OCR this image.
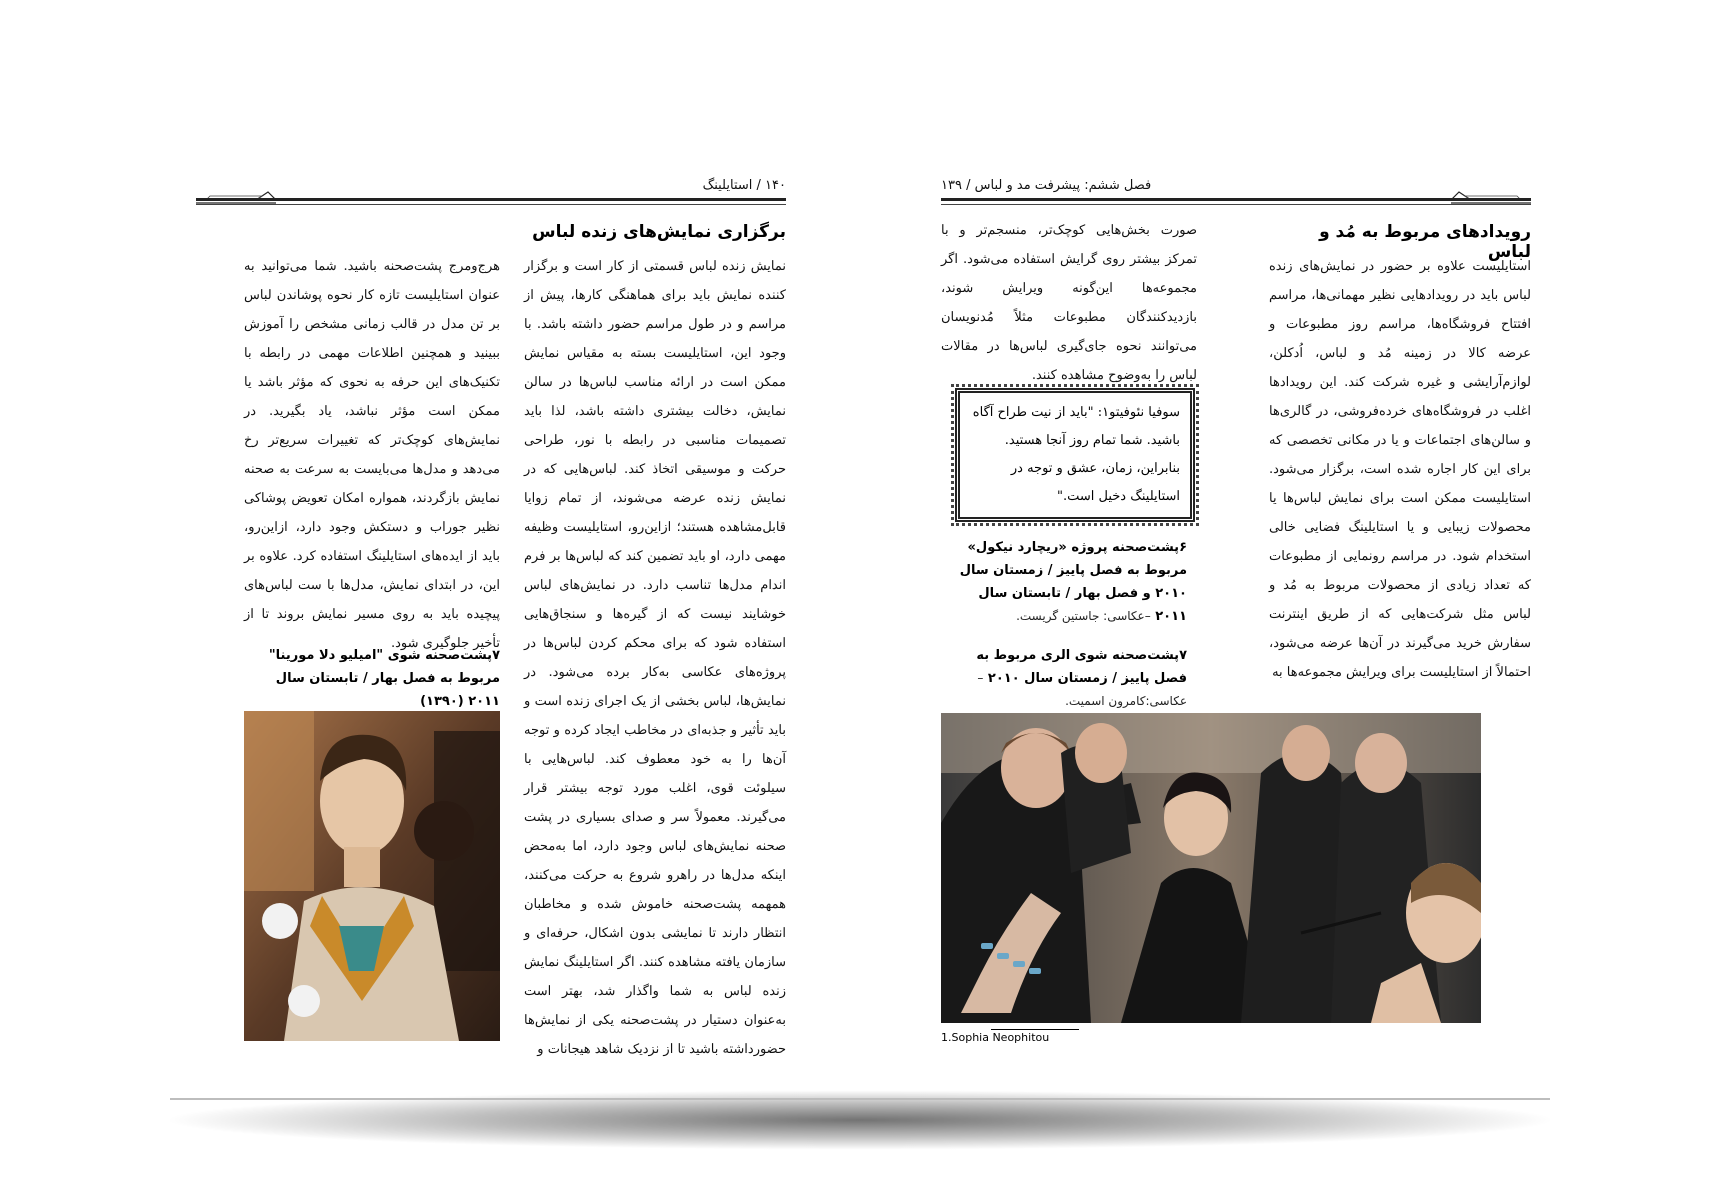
۱۴۰ / استایلینگ
برگزاری نمایش‌های زنده لباس
نمایش زنده لباس قسمتی از کار است و برگزار کننده نمایش باید برای هماهنگی کارها، پیش از مراسم و در طول مراسم حضور داشته باشد. با وجود این، استایلیست بسته به مقیاس نمایش ممکن است در ارائه مناسب لباس‌ها در سالن نمایش، دخالت بیشتری داشته باشد، لذا باید تصمیمات مناسبی در رابطه با نور، طراحی حرکت و موسیقی اتخاذ کند. لباس‌هایی که در نمایش زنده عرضه می‌شوند، از تمام زوایا قابل‌مشاهده هستند؛ ازاین‌رو، استایلیست وظیفه مهمی دارد، او باید تضمین کند که لباس‌ها بر فرم اندام مدل‌ها تناسب دارد. در نمایش‌های لباس خوشایند نیست که از گیره‌ها و سنجاق‌هایی استفاده شود که برای محکم کردن لباس‌ها در پروژه‌های عکاسی به‌کار برده می‌شود. در نمایش‌ها، لباس بخشی از یک اجرای زنده است و باید تأثیر و جذبه‌ای در مخاطب ایجاد کرده و توجه آن‌ها را به خود معطوف کند. لباس‌هایی با سیلوئت قوی، اغلب مورد توجه بیشتر قرار می‌گیرند. معمولاً سر و صدای بسیاری در پشت صحنه نمایش‌های لباس وجود دارد، اما به‌محض اینکه مدل‌ها در راهرو شروع به حرکت می‌کنند، همهمه پشت‌صحنه خاموش شده و مخاطبان انتظار دارند تا نمایشی بدون اشکال، حرفه‌ای و سازمان یافته مشاهده کنند. اگر استایلینگ نمایش زنده لباس به شما واگذار شد، بهتر است به‌عنوان دستیار در پشت‌صحنه یکی از نمایش‌ها حضورداشته باشید تا از نزدیک شاهد هیجانات و
هرج‌ومرج پشت‌صحنه باشید. شما می‌توانید به عنوان استایلیست تازه کار نحوه پوشاندن لباس بر تن مدل در قالب زمانی مشخص را آموزش ببینید و همچنین اطلاعات مهمی در رابطه با تکنیک‌های این حرفه به نحوی که مؤثر باشد یا ممکن است مؤثر نباشد، یاد بگیرید. در نمایش‌های کوچک‌تر که تغییرات سریع‌تر رخ می‌دهد و مدل‌ها می‌بایست به سرعت به صحنه نمایش بازگردند، همواره امکان تعویض پوشاکی نظیر جوراب و دستکش وجود دارد، ازاین‌رو، باید از ایده‌های استایلینگ استفاده کرد. علاوه بر این، در ابتدای نمایش، مدل‌ها با ست لباس‌های پیچیده باید به روی مسیر نمایش بروند تا از تأخیر جلوگیری شود.
۷پشت‌صحنه شوی "امیلیو دلا مورینا" مربوط به فصل بهار / تابستان سال ۲۰۱۱ (۱۳۹۰)
فصل ششم: پیشرفت مد و لباس / ۱۳۹
رویدادهای مربوط به مُد و لباس
استایلیست علاوه بر حضور در نمایش‌های زنده لباس باید در رویدادهایی نظیر مهمانی‌ها، مراسم افتتاح فروشگاه‌ها، مراسم روز مطبوعات و عرضه کالا در زمینه مُد و لباس، اُدکلن، لوازم‌آرایشی و غیره شرکت کند. این رویدادها اغلب در فروشگاه‌های خرده‌فروشی، در گالری‌ها و سالن‌های اجتماعات و یا در مکانی تخصصی که برای این کار اجاره شده است، برگزار می‌شود. استایلیست ممکن است برای نمایش لباس‌ها یا محصولات زیبایی و یا استایلینگ فضایی خالی استخدام شود. در مراسم رونمایی از مطبوعات که تعداد زیادی از محصولات مربوط به مُد و لباس مثل شرکت‌هایی که از طریق اینترنت سفارش خرید می‌گیرند در آن‌ها عرضه می‌شود، احتمالاً از استایلیست برای ویرایش مجموعه‌ها به
صورت بخش‌هایی کوچک‌تر، منسجم‌تر و با تمرکز بیشتر روی گرایش استفاده می‌شود. اگر مجموعه‌ها این‌گونه ویرایش شوند، بازدیدکنندگان مطبوعات مثلاً مُدنویسان می‌توانند نحوه جای‌گیری لباس‌ها در مقالات لباس را به‌وضوح مشاهده کنند.
سوفیا نئوفیتو۱: "باید از نیت طراح آگاه باشید. شما تمام روز آنجا هستید. بنابراین، زمان، عشق و توجه در استایلینگ دخیل است."
۶پشت‌صحنه پروژه «ریچارد نیکول» مربوط به فصل پاییز / زمستان سال ۲۰۱۰ و فصل بهار / تابستان سال ۲۰۱۱ –عکاسی: جاستین گریست.
۷پشت‌صحنه شوی الری مربوط به فصل پاییز / زمستان سال ۲۰۱۰ – عکاسی:کامرون اسمیت.
1.Sophia Neophitou
